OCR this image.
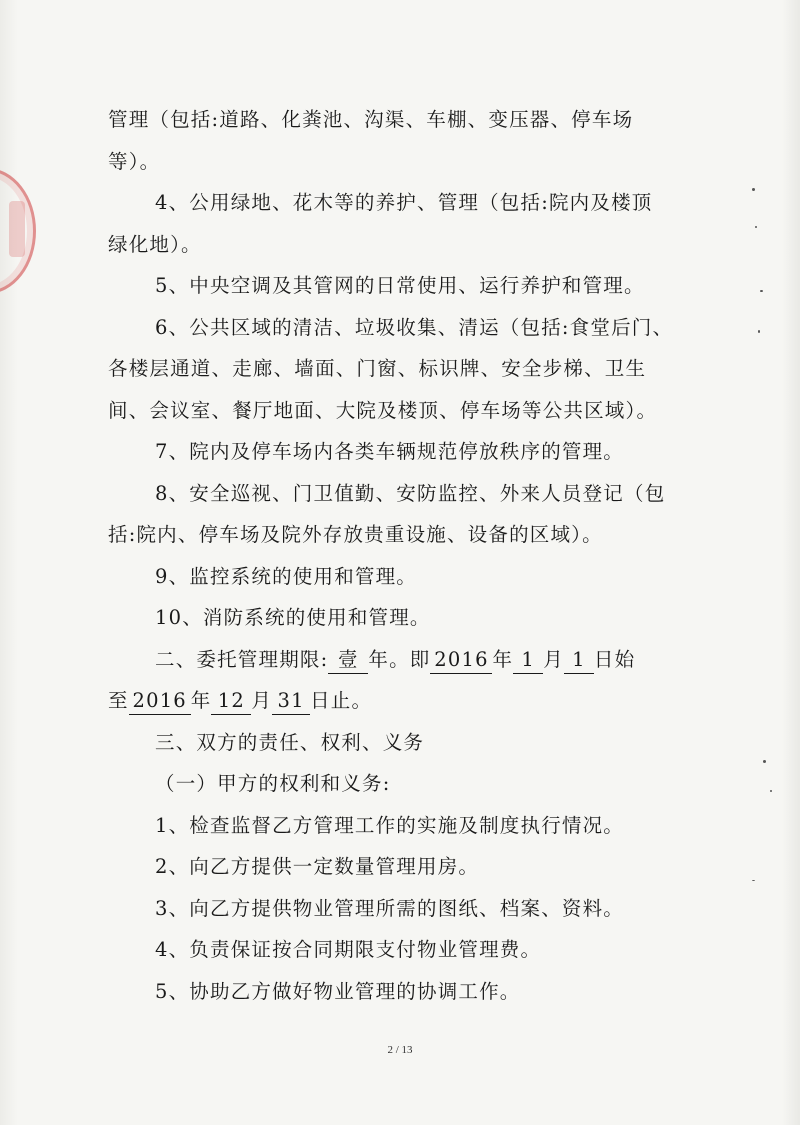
管理（包括:道路、化粪池、沟渠、车棚、变压器、停车场
等）。
4、公用绿地、花木等的养护、管理（包括:院内及楼顶
绿化地）。
5、中央空调及其管网的日常使用、运行养护和管理。
6、公共区域的清洁、垃圾收集、清运（包括:食堂后门、
各楼层通道、走廊、墙面、门窗、标识牌、安全步梯、卫生
间、会议室、餐厅地面、大院及楼顶、停车场等公共区域）。
7、院内及停车场内各类车辆规范停放秩序的管理。
8、安全巡视、门卫值勤、安防监控、外来人员登记（包
括:院内、停车场及院外存放贵重设施、设备的区域）。
9、监控系统的使用和管理。
10、消防系统的使用和管理。
二、委托管理期限: 壹 年。即 2016 年 1 月 1 日始
至 2016 年 12 月 31 日止。
三、双方的责任、权利、义务
（一）甲方的权利和义务:
1、检查监督乙方管理工作的实施及制度执行情况。
2、向乙方提供一定数量管理用房。
3、向乙方提供物业管理所需的图纸、档案、资料。
4、负责保证按合同期限支付物业管理费。
5、协助乙方做好物业管理的协调工作。
2 / 13
